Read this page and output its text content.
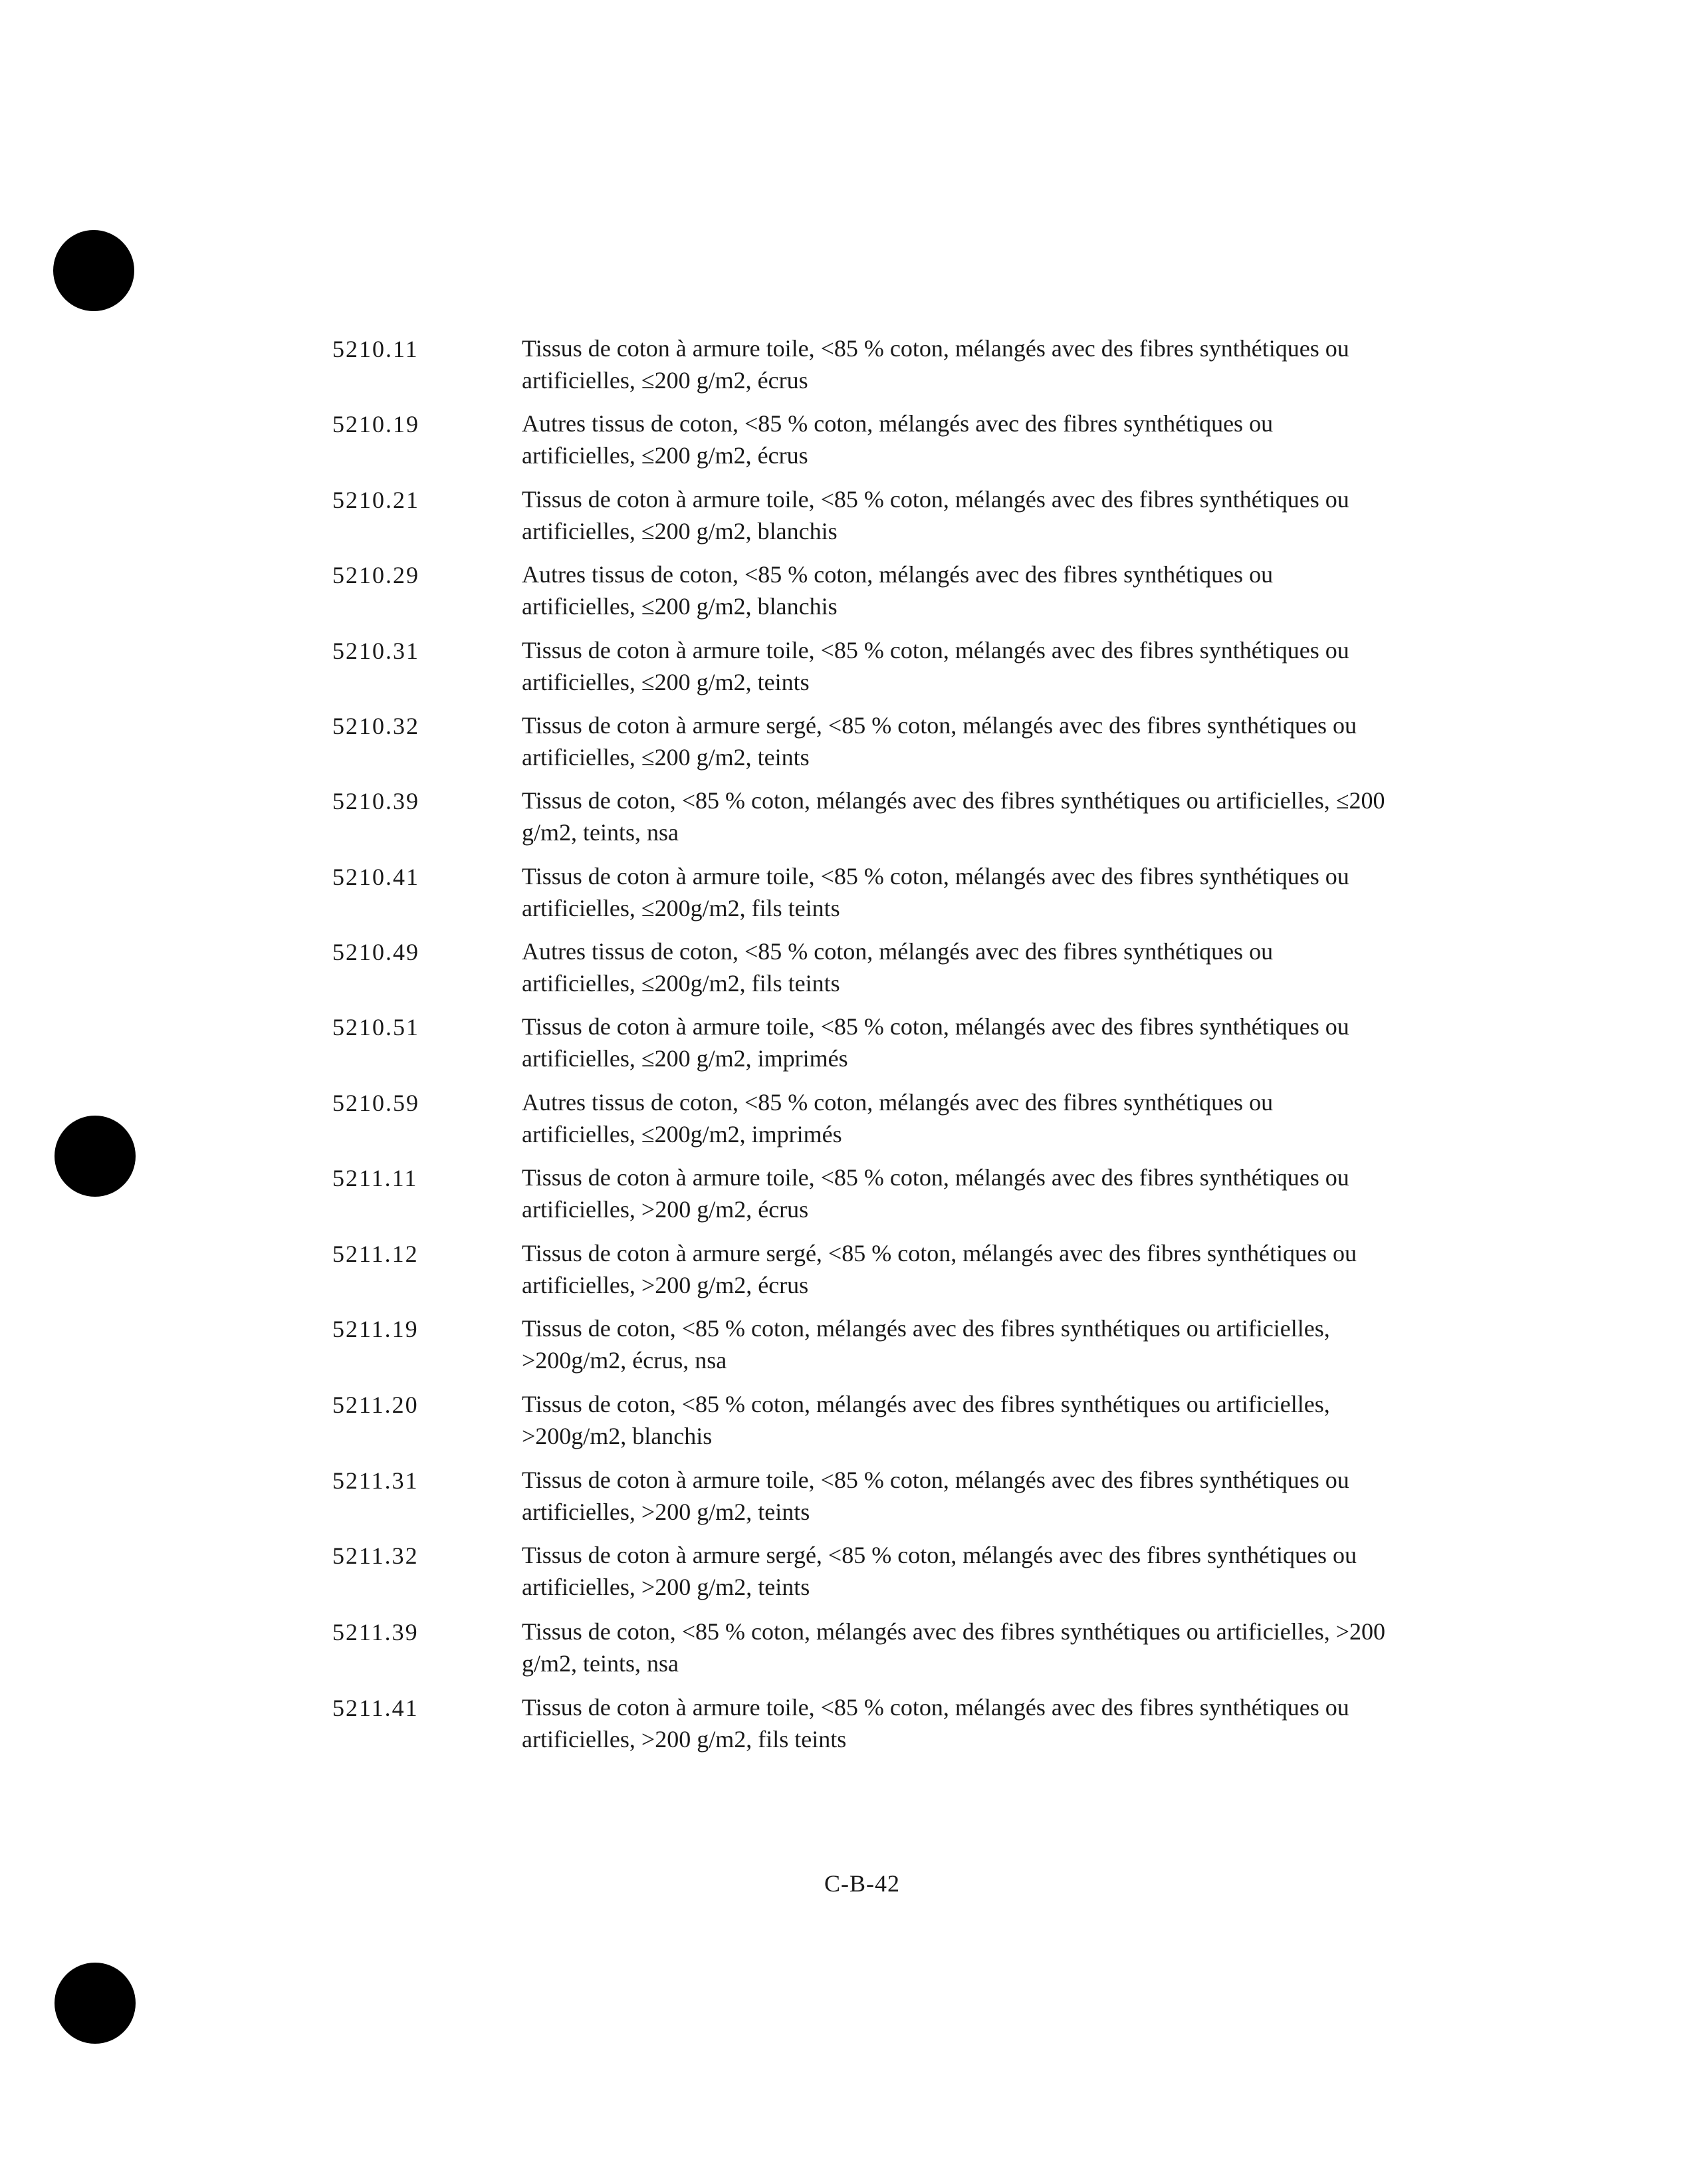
5210.11	Tissus de coton à armure toile, <85 % coton, mélangés avec des fibres synthétiques ou artificielles, ≤200 g/m2, écrus
5210.19	Autres tissus de coton, <85 % coton, mélangés avec des fibres synthétiques ou artificielles, ≤200 g/m2, écrus
5210.21	Tissus de coton à armure toile, <85 % coton, mélangés avec des fibres synthétiques ou artificielles, ≤200 g/m2, blanchis
5210.29	Autres tissus de coton, <85 % coton, mélangés avec des fibres synthétiques ou artificielles, ≤200 g/m2, blanchis
5210.31	Tissus de coton à armure toile, <85 % coton, mélangés avec des fibres synthétiques ou artificielles, ≤200 g/m2, teints
5210.32	Tissus de coton à armure sergé, <85 % coton, mélangés avec des fibres synthétiques ou artificielles, ≤200 g/m2, teints
5210.39	Tissus de coton, <85 % coton, mélangés avec des fibres synthétiques ou artificielles, ≤200 g/m2, teints, nsa
5210.41	Tissus de coton à armure toile, <85 % coton, mélangés avec des fibres synthétiques ou artificielles, ≤200g/m2, fils teints
5210.49	Autres tissus de coton, <85 % coton, mélangés avec des fibres synthétiques ou artificielles, ≤200g/m2, fils teints
5210.51	Tissus de coton à armure toile, <85 % coton, mélangés avec des fibres synthétiques ou artificielles, ≤200 g/m2, imprimés
5210.59	Autres tissus de coton, <85 % coton, mélangés avec des fibres synthétiques ou artificielles, ≤200g/m2, imprimés
5211.11	Tissus de coton à armure toile, <85 % coton, mélangés avec des fibres synthétiques ou artificielles, >200 g/m2, écrus
5211.12	Tissus de coton à armure sergé, <85 % coton, mélangés avec des fibres synthétiques ou artificielles, >200 g/m2, écrus
5211.19	Tissus de coton, <85 % coton, mélangés avec des fibres synthétiques ou artificielles, >200g/m2, écrus, nsa
5211.20	Tissus de coton, <85 % coton, mélangés avec des fibres synthétiques ou artificielles, >200g/m2, blanchis
5211.31	Tissus de coton à armure toile, <85 % coton, mélangés avec des fibres synthétiques ou artificielles, >200 g/m2, teints
5211.32	Tissus de coton à armure sergé, <85 % coton, mélangés avec des fibres synthétiques ou artificielles, >200 g/m2, teints
5211.39	Tissus de coton, <85 % coton, mélangés avec des fibres synthétiques ou artificielles, >200 g/m2, teints, nsa
5211.41	Tissus de coton à armure toile, <85 % coton, mélangés avec des fibres synthétiques ou artificielles, >200 g/m2, fils teints
C-B-42
